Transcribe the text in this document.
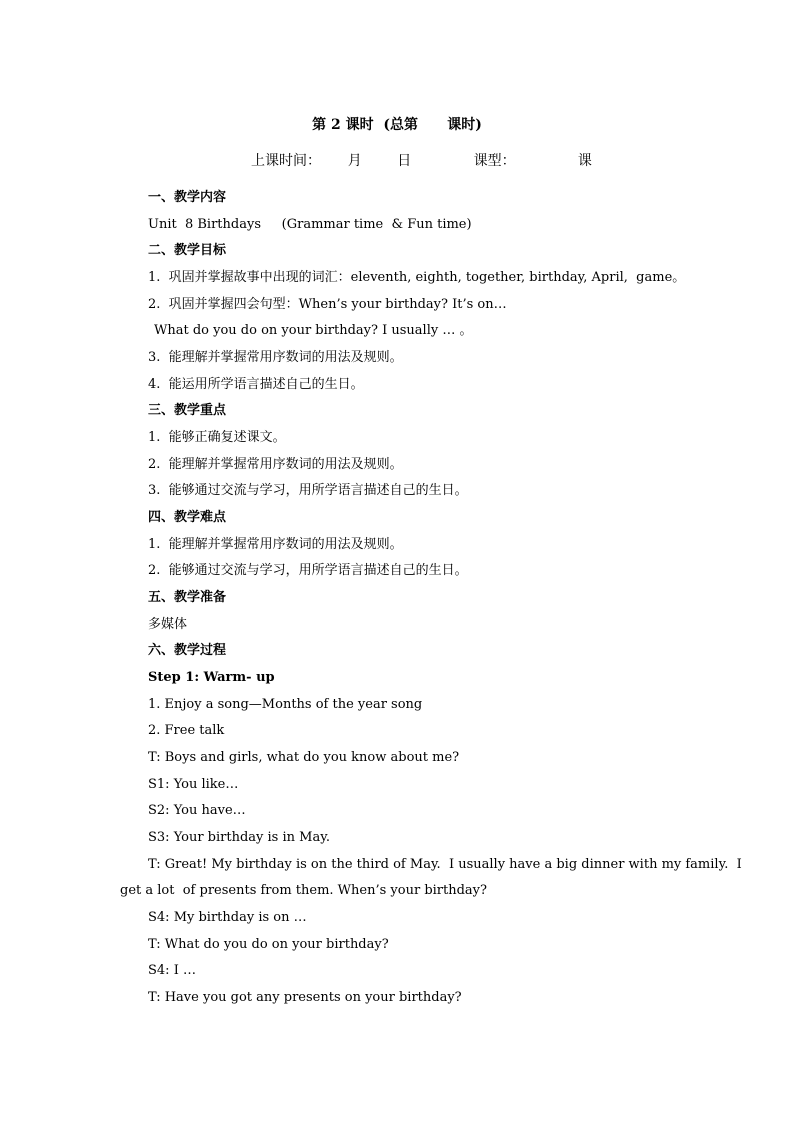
第 2 课时  (总第      课时)
上课时间：      月        日              课型：              课
一、教学内容
Unit  8 Birthdays     (Grammar time  & Fun time)
二、教学目标
1.  巩固并掌握故事中出现的词汇：eleventh, eighth, together, birthday, April,  game。
2.  巩固并掌握四会句型：When’s your birthday? It’s on…
What do you do on your birthday? I usually … 。
3.  能理解并掌握常用序数词的用法及规则。
4.  能运用所学语言描述自己的生日。
三、教学重点
1.  能够正确复述课文。
2.  能理解并掌握常用序数词的用法及规则。
3.  能够通过交流与学习，用所学语言描述自己的生日。
四、教学难点
1.  能理解并掌握常用序数词的用法及规则。
2.  能够通过交流与学习，用所学语言描述自己的生日。
五、教学准备
多媒体
六、教学过程
Step 1: Warm- up
1. Enjoy a song—Months of the year song
2. Free talk
T: Boys and girls, what do you know about me?
S1: You like…
S2: You have…
S3: Your birthday is in May.
T: Great! My birthday is on the third of May.  I usually have a big dinner with my family.  I
get a lot  of presents from them. When’s your birthday?
S4: My birthday is on …
T: What do you do on your birthday?
S4: I …
T: Have you got any presents on your birthday?
